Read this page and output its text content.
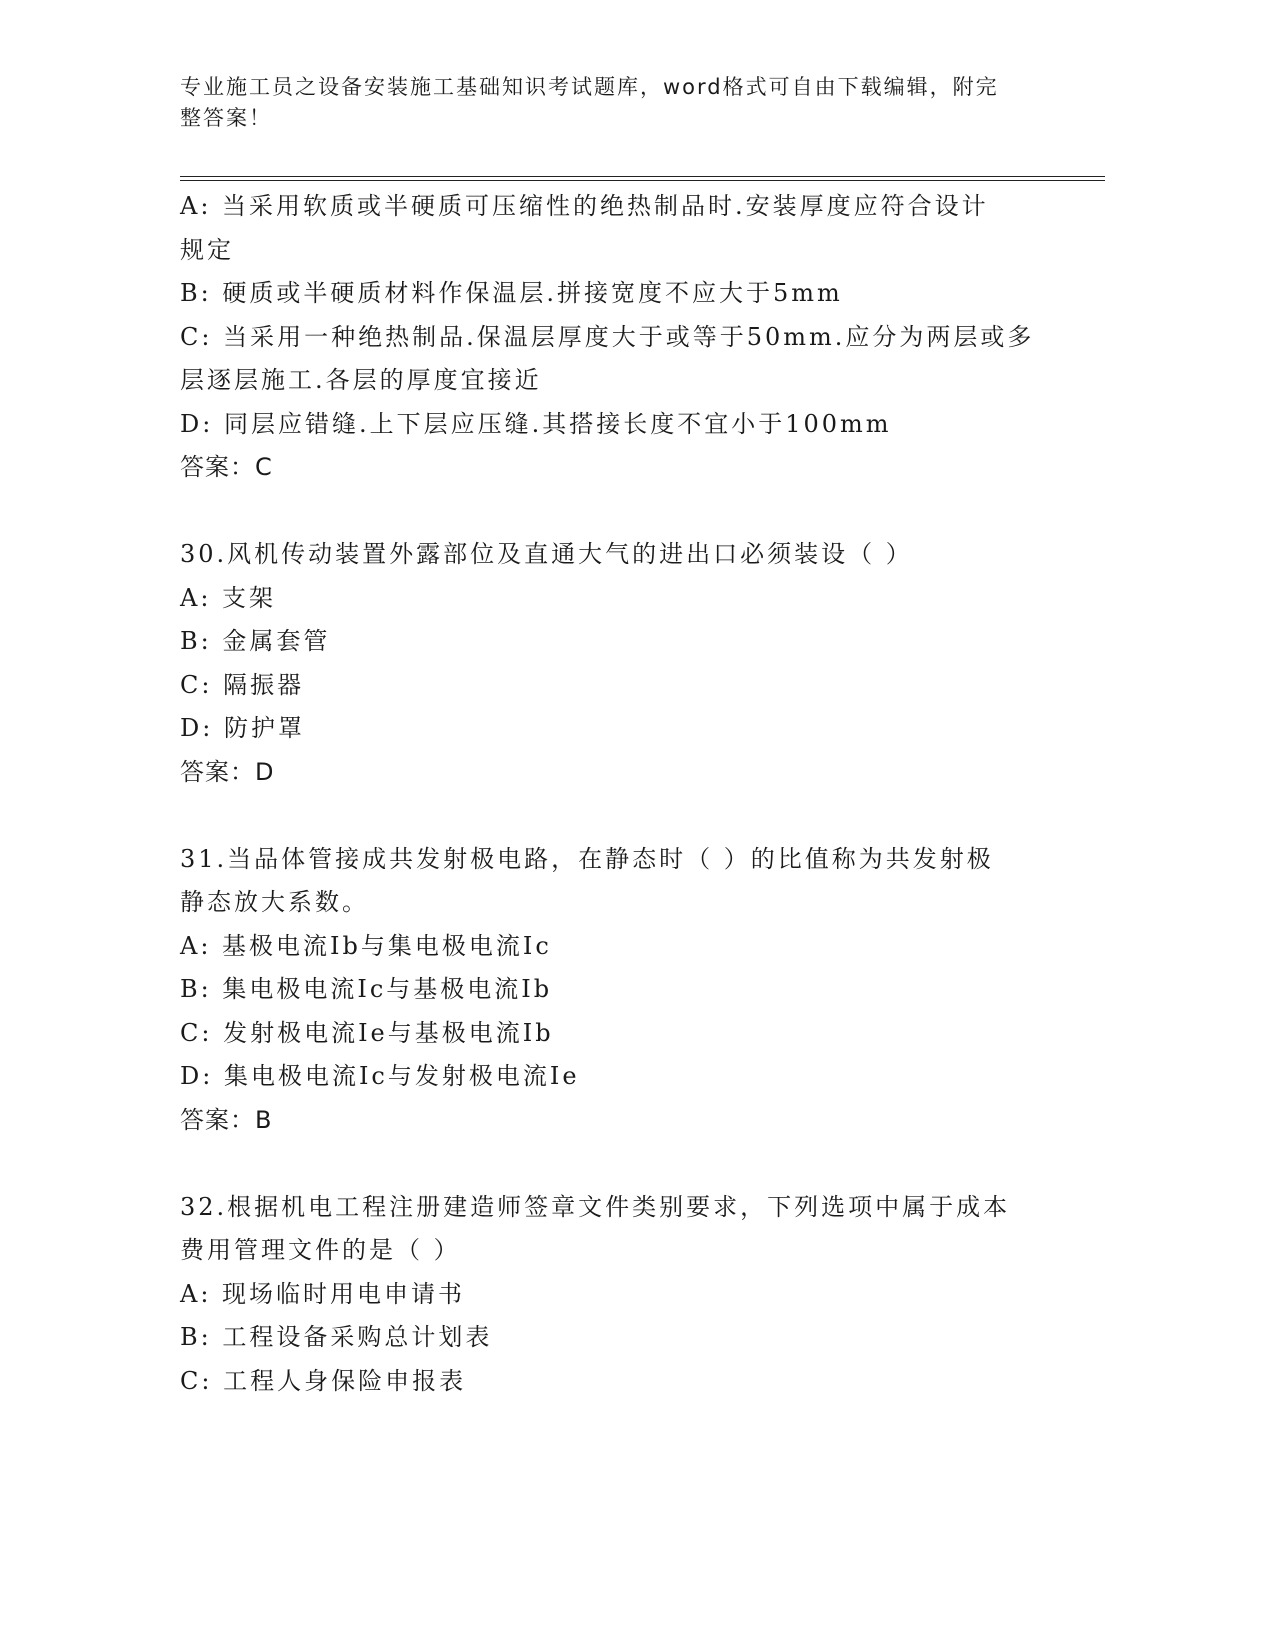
专业施工员之设备安装施工基础知识考试题库，word格式可自由下载编辑，附完
整答案！
A: 当采用软质或半硬质可压缩性的绝热制品时.安装厚度应符合设计
规定
B: 硬质或半硬质材料作保温层.拼接宽度不应大于5mm
C: 当采用一种绝热制品.保温层厚度大于或等于50mm.应分为两层或多
层逐层施工.各层的厚度宜接近
D: 同层应错缝.上下层应压缝.其搭接长度不宜小于100mm
答案：C
30.风机传动装置外露部位及直通大气的进出口必须装设（ ）
A: 支架
B: 金属套管
C: 隔振器
D: 防护罩
答案：D
31.当品体管接成共发射极电路，在静态时（ ）的比值称为共发射极
静态放大系数。
A: 基极电流Ib与集电极电流Ic
B: 集电极电流Ic与基极电流Ib
C: 发射极电流Ie与基极电流Ib
D: 集电极电流Ic与发射极电流Ie
答案：B
32.根据机电工程注册建造师签章文件类别要求，下列选项中属于成本
费用管理文件的是（ ）
A: 现场临时用电申请书
B: 工程设备采购总计划表
C: 工程人身保险申报表
